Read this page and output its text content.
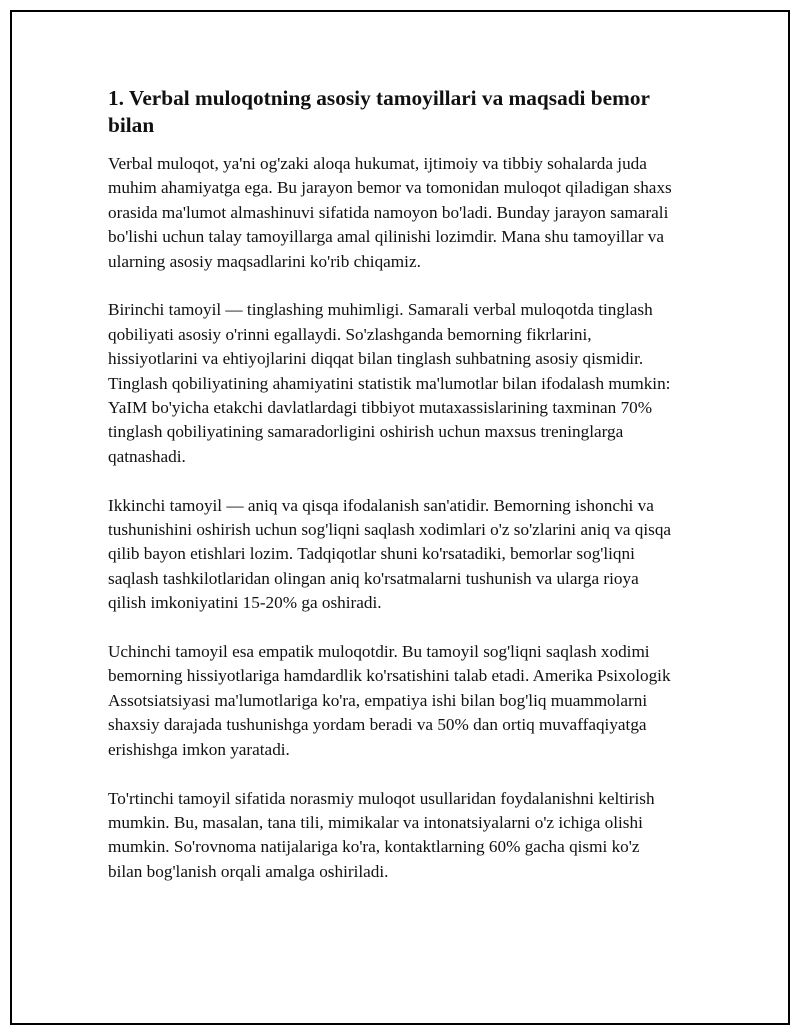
1. Verbal muloqotning asosiy tamoyillari va maqsadi bemor bilan

Verbal muloqot, ya'ni og'zaki aloqa hukumat, ijtimoiy va tibbiy sohalarda juda muhim ahamiyatga ega. Bu jarayon bemor va tomonidan muloqot qiladigan shaxs orasida ma'lumot almashinuvi sifatida namoyon bo'ladi. Bunday jarayon samarali bo'lishi uchun talay tamoyillarga amal qilinishi lozimdir. Mana shu tamoyillar va ularning asosiy maqsadlarini ko'rib chiqamiz.

Birinchi tamoyil — tinglashing muhimligi. Samarali verbal muloqotda tinglash qobiliyati asosiy o'rinni egallaydi. So'zlashganda bemorning fikrlarini, hissiyotlarini va ehtiyojlarini diqqat bilan tinglash suhbatning asosiy qismidir. Tinglash qobiliyatining ahamiyatini statistik ma'lumotlar bilan ifodalash mumkin: YaIM bo'yicha etakchi davlatlardagi tibbiyot mutaxassislarining taxminan 70% tinglash qobiliyatining samaradorligini oshirish uchun maxsus treninglarga qatnashadi.

Ikkinchi tamoyil — aniq va qisqa ifodalanish san'atidir. Bemorning ishonchi va tushunishini oshirish uchun sog'liqni saqlash xodimlari o'z so'zlarini aniq va qisqa qilib bayon etishlari lozim. Tadqiqotlar shuni ko'rsatadiki, bemorlar sog'liqni saqlash tashkilotlaridan olingan aniq ko'rsatmalarni tushunish va ularga rioya qilish imkoniyatini 15-20% ga oshiradi.

Uchinchi tamoyil esa empatik muloqotdir. Bu tamoyil sog'liqni saqlash xodimi bemorning hissiyotlariga hamdardlik ko'rsatishini talab etadi. Amerika Psixologik Assotsiatsiyasi ma'lumotlariga ko'ra, empatiya ishi bilan bog'liq muammolarni shaxsiy darajada tushunishga yordam beradi va 50% dan ortiq muvaffaqiyatga erishishga imkon yaratadi.

To'rtinchi tamoyil sifatida norasmiy muloqot usullaridan foydalanishni keltirish mumkin. Bu, masalan, tana tili, mimikalar va intonatsiyalarni o'z ichiga olishi mumkin. So'rovnoma natijalariga ko'ra, kontaktlarning 60% gacha qismi ko'z bilan bog'lanish orqali amalga oshiriladi.
